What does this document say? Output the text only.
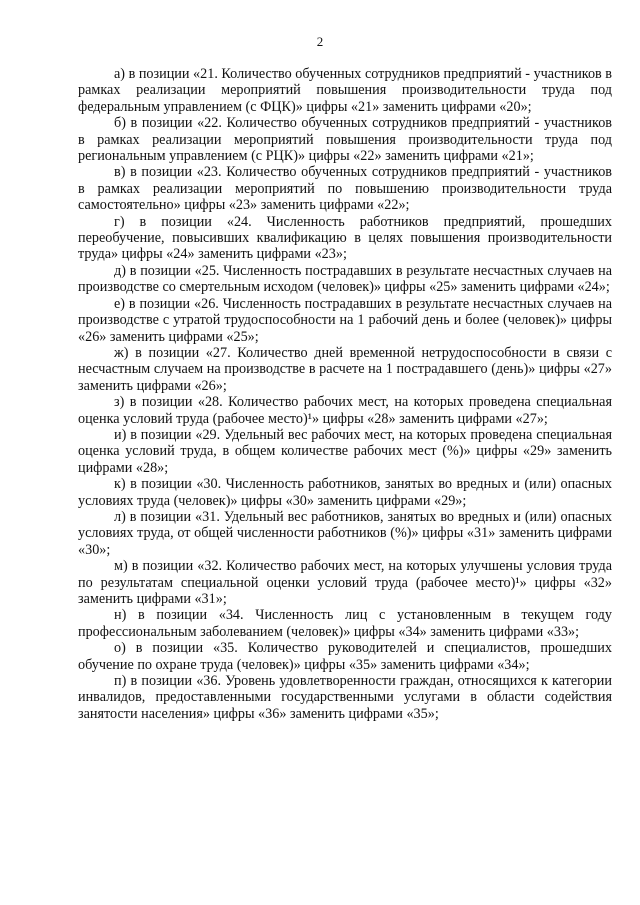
2

а) в позиции «21. Количество обученных сотрудников предприятий - участников в рамках реализации мероприятий повышения производительности труда под федеральным управлением (с ФЦК)» цифры «21» заменить цифрами «20»;

б) в позиции «22. Количество обученных сотрудников предприятий - участников в рамках реализации мероприятий повышения производительности труда под региональным управлением (с РЦК)» цифры «22» заменить цифрами «21»;

в) в позиции «23. Количество обученных сотрудников предприятий - участников в рамках реализации мероприятий по повышению производительности труда самостоятельно» цифры «23» заменить цифрами «22»;

г) в позиции «24. Численность работников предприятий, прошедших переобучение, повысивших квалификацию в целях повышения производительности труда» цифры «24» заменить цифрами «23»;

д) в позиции «25. Численность пострадавших в результате несчастных случаев на производстве со смертельным исходом (человек)» цифры «25» заменить цифрами «24»;

е) в позиции «26. Численность пострадавших в результате несчастных случаев на производстве с утратой трудоспособности на 1 рабочий день и более (человек)» цифры «26» заменить цифрами «25»;

ж) в позиции «27. Количество дней временной нетрудоспособности в связи с несчастным случаем на производстве в расчете на 1 пострадавшего (день)» цифры «27» заменить цифрами «26»;

з) в позиции «28. Количество рабочих мест, на которых проведена специальная оценка условий труда (рабочее место)¹» цифры «28» заменить цифрами «27»;

и) в позиции «29. Удельный вес рабочих мест, на которых проведена специальная оценка условий труда, в общем количестве рабочих мест (%)» цифры «29» заменить цифрами «28»;

к) в позиции «30. Численность работников, занятых во вредных и (или) опасных условиях труда (человек)» цифры «30» заменить цифрами «29»;

л) в позиции «31. Удельный вес работников, занятых во вредных и (или) опасных условиях труда, от общей численности работников (%)» цифры «31» заменить цифрами «30»;

м) в позиции «32. Количество рабочих мест, на которых улучшены условия труда по результатам специальной оценки условий труда (рабочее место)¹» цифры «32» заменить цифрами «31»;

н) в позиции «34. Численность лиц с установленным в текущем году профессиональным заболеванием (человек)» цифры «34» заменить цифрами «33»;

о) в позиции «35. Количество руководителей и специалистов, прошедших обучение по охране труда (человек)» цифры «35» заменить цифрами «34»;

п) в позиции «36. Уровень удовлетворенности граждан, относящихся к категории инвалидов, предоставленными государственными услугами в области содействия занятости населения» цифры «36» заменить цифрами «35»;
